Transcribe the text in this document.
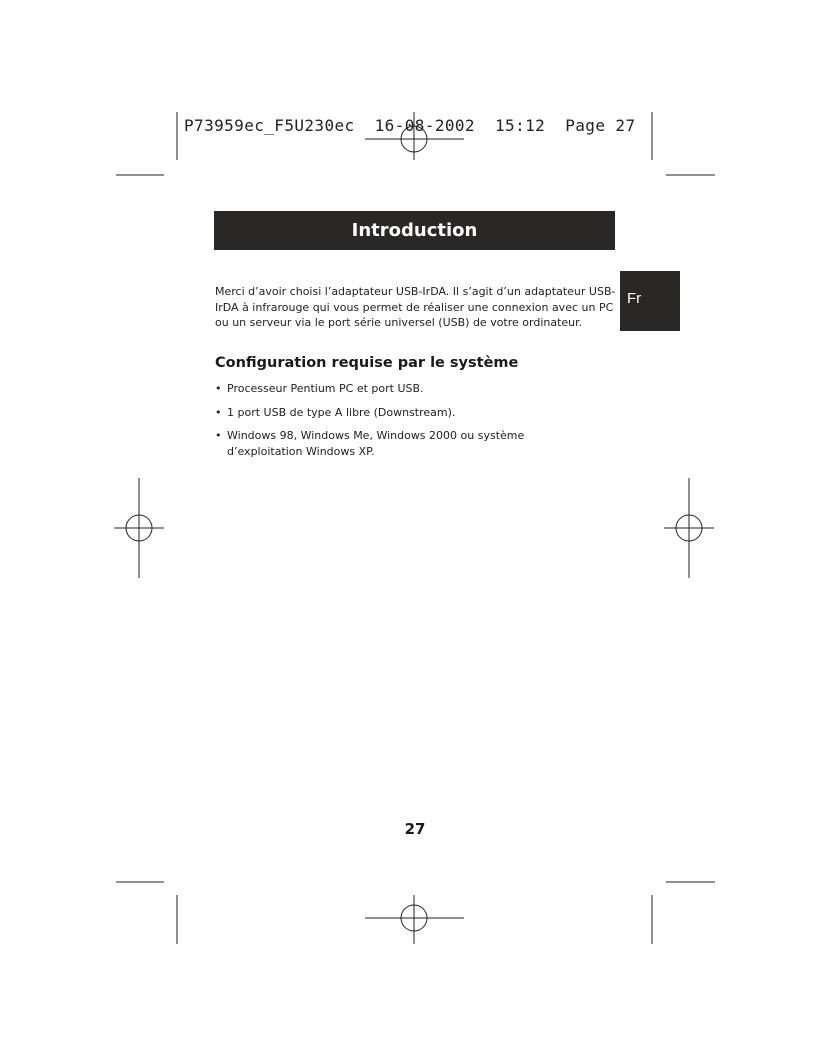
P73959ec_F5U230ec  16-08-2002  15:12  Page 27
Introduction
Fr

Merci d’avoir choisi l’adaptateur USB-IrDA. Il s’agit d’un adaptateur USB-IrDA à infrarouge qui vous permet de réaliser une connexion avec un PC ou un serveur via le port série universel (USB) de votre ordinateur.

Configuration requise par le système
• Processeur Pentium PC et port USB.
• 1 port USB de type A libre (Downstream).
• Windows 98, Windows Me, Windows 2000 ou système d’exploitation Windows XP.
27
